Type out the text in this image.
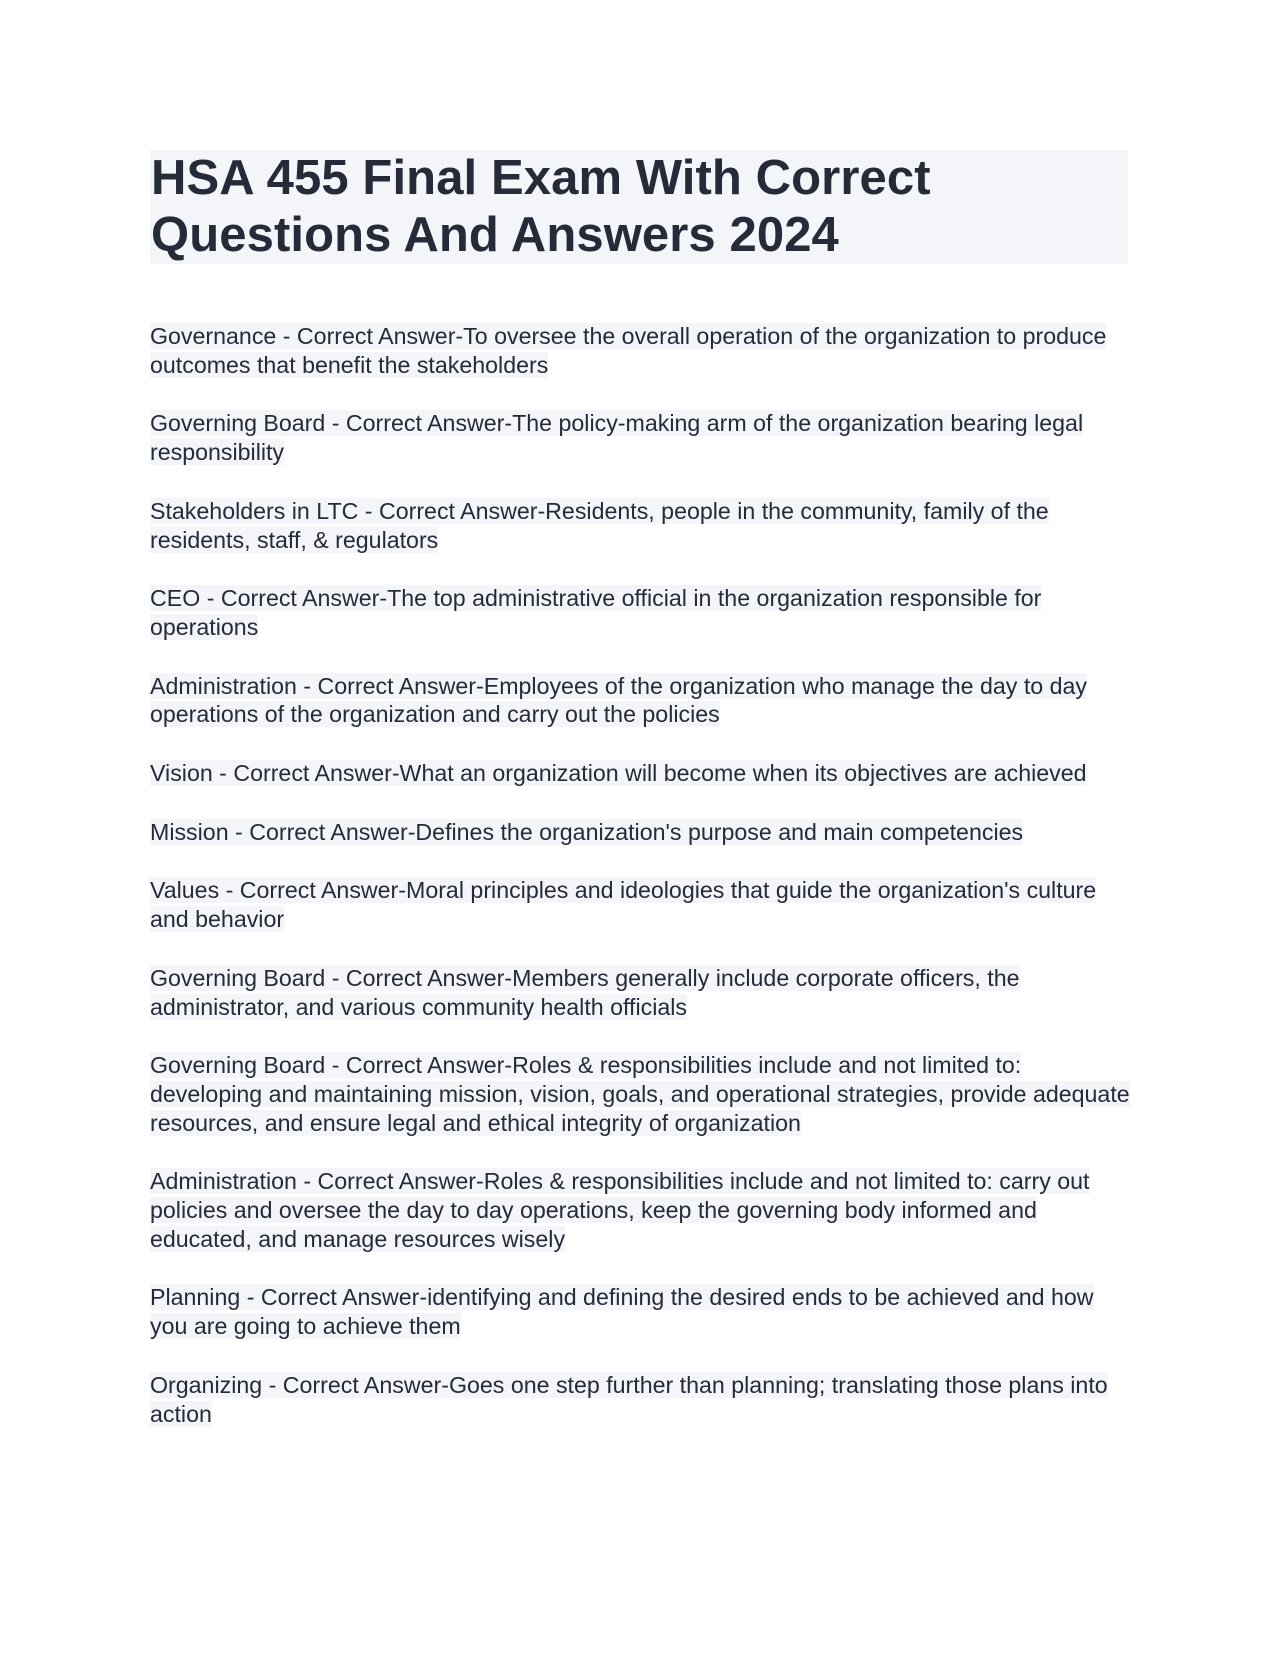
HSA 455 Final Exam With Correct Questions And Answers 2024

Governance - Correct Answer-To oversee the overall operation of the organization to produce outcomes that benefit the stakeholders

Governing Board - Correct Answer-The policy-making arm of the organization bearing legal responsibility

Stakeholders in LTC - Correct Answer-Residents, people in the community, family of the residents, staff, & regulators

CEO - Correct Answer-The top administrative official in the organization responsible for operations

Administration - Correct Answer-Employees of the organization who manage the day to day operations of the organization and carry out the policies

Vision - Correct Answer-What an organization will become when its objectives are achieved

Mission - Correct Answer-Defines the organization's purpose and main competencies

Values - Correct Answer-Moral principles and ideologies that guide the organization's culture and behavior

Governing Board - Correct Answer-Members generally include corporate officers, the administrator, and various community health officials

Governing Board - Correct Answer-Roles & responsibilities include and not limited to: developing and maintaining mission, vision, goals, and operational strategies, provide adequate resources, and ensure legal and ethical integrity of organization

Administration - Correct Answer-Roles & responsibilities include and not limited to: carry out policies and oversee the day to day operations, keep the governing body informed and educated, and manage resources wisely

Planning - Correct Answer-identifying and defining the desired ends to be achieved and how you are going to achieve them

Organizing - Correct Answer-Goes one step further than planning; translating those plans into action
